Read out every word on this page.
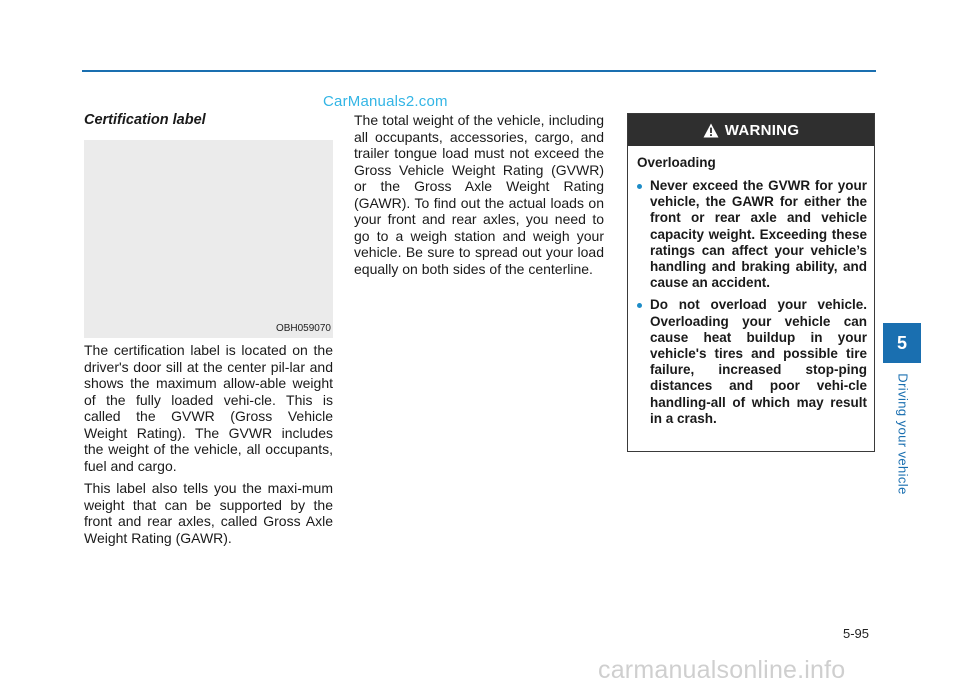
CarManuals2.com
Certification label
OBH059070

The certification label is located on the driver's door sill at the center pil-lar and shows the maximum allow-able weight of the fully loaded vehi-cle. This is called the GVWR (Gross Vehicle Weight Rating). The GVWR includes the weight of the vehicle, all occupants, fuel and cargo.

This label also tells you the maxi-mum weight that can be supported by the front and rear axles, called Gross Axle Weight Rating (GAWR).

The total weight of the vehicle, including all occupants, accessories, cargo, and trailer tongue load must not exceed the Gross Vehicle Weight Rating (GVWR) or the Gross Axle Weight Rating (GAWR). To find out the actual loads on your front and rear axles, you need to go to a weigh station and weigh your vehicle. Be sure to spread out your load equally on both sides of the centerline.

WARNING
Overloading
Never exceed the GVWR for your vehicle, the GAWR for either the front or rear axle and vehicle capacity weight. Exceeding these ratings can affect your vehicle’s handling and braking ability, and cause an accident.
Do not overload your vehicle. Overloading your vehicle can cause heat buildup in your vehicle's tires and possible tire failure, increased stop-ping distances and poor vehi-cle handling-all of which may result in a crash.
5
Driving your vehicle
5-95
carmanualsonline.info
